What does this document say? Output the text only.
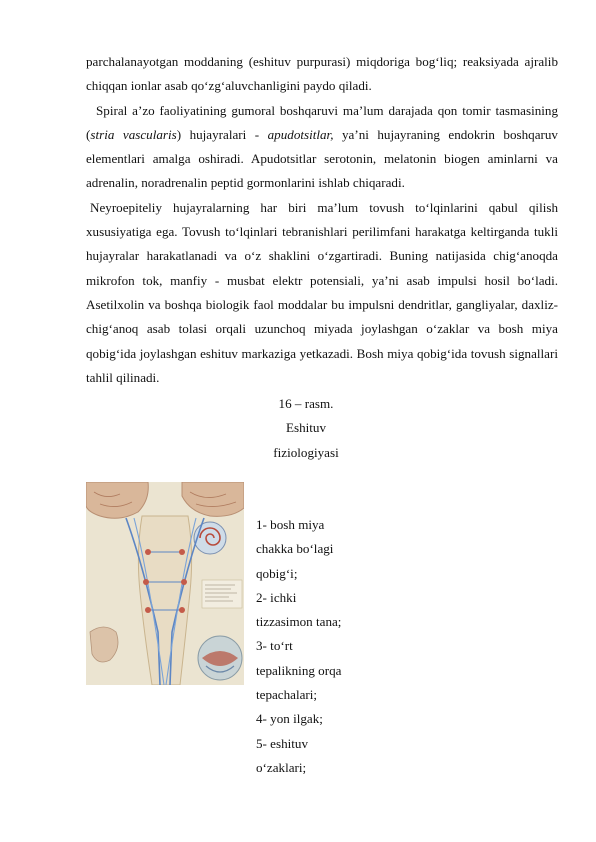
parchalanayotgan moddaning (eshituv purpurasi) miqdoriga bog‘liq; reaksiyada ajralib chiqqan ionlar asab qo‘zg‘aluvchanligini paydo qiladi.

Spiral a’zo faoliyatining gumoral boshqaruvi ma’lum darajada qon tomir tasmasining (stria vascularis) hujayralari - apudotsitlar, ya’ni hujayraning endokrin boshqaruv elementlari amalga oshiradi. Apudotsitlar serotonin, melatonin biogen aminlarni va adrenalin, noradrenalin peptid gormonlarini ishlab chiqaradi.

Neyroepiteliy hujayralarning har biri ma’lum tovush to‘lqinlarini qabul qilish xususiyatiga ega. Tovush to‘lqinlari tebranishlari perilimfani harakatga keltirganda tukli hujayralar harakatlanadi va o‘z shaklini o‘zgartiradi. Buning natijasida chig‘anoqda mikrofon tok, manfiy - musbat elektr potensiali, ya’ni asab impulsi hosil bo‘ladi. Asetilxolin va boshqa biologik faol moddalar bu impulsni dendritlar, gangliyalar, daxliz-chig‘anoq asab tolasi orqali uzunchoq miyada joylashgan o‘zaklar va bosh miya qobig‘ida joylashgan eshituv markaziga yetkazadi. Bosh miya qobig‘ida tovush signallari tahlil qilinadi.

16 – rasm.
Eshituv
fiziologiyasi
1- bosh miya
chakka bo‘lagi
qobig‘i;
2- ichki
tizzasimon tana;
3- to‘rt
tepalikning orqa
tepachalari;
4- yon ilgak;
5- eshituv
o‘zaklari;
